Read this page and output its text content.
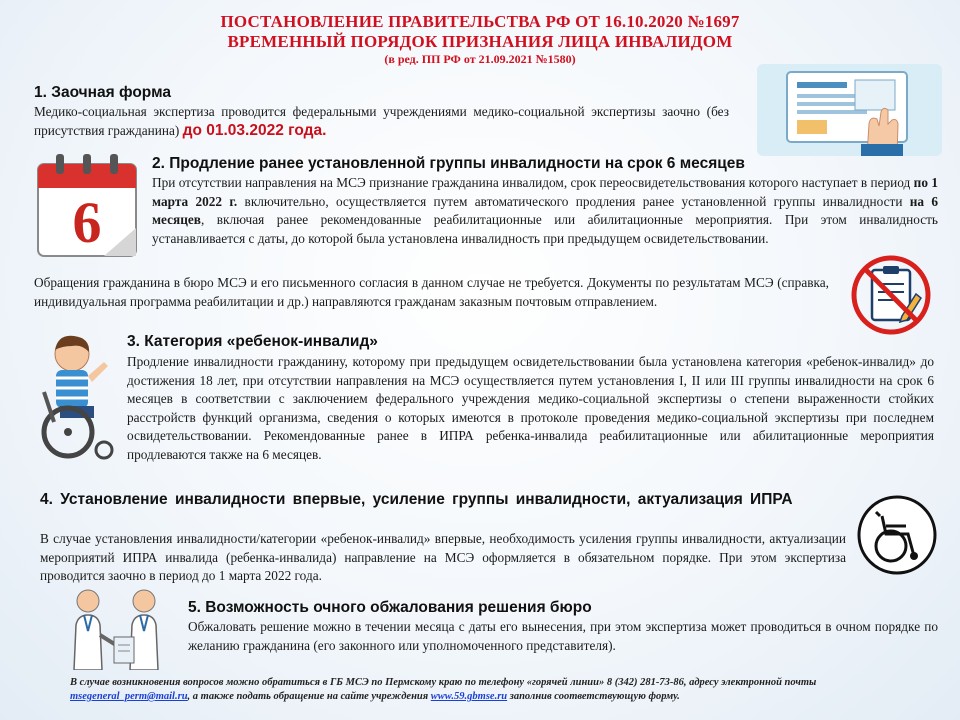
ПОСТАНОВЛЕНИЕ ПРАВИТЕЛЬСТВА РФ ОТ 16.10.2020 №1697
ВРЕМЕННЫЙ ПОРЯДОК ПРИЗНАНИЯ ЛИЦА ИНВАЛИДОМ
(в ред. ПП РФ от 21.09.2021 №1580)
1. Заочная форма
Медико-социальная экспертиза проводится федеральными учреждениями медико-социальной экспертизы заочно (без присутствия гражданина) до 01.03.2022 года.
6
2. Продление ранее установленной группы инвалидности на срок 6 месяцев
При отсутствии направления на МСЭ признание гражданина инвалидом, срок переосвидетельствования которого наступает в период по 1 марта 2022 г. включительно, осуществляется путем автоматического продления ранее установленной группы инвалидности на 6 месяцев, включая ранее рекомендованные реабилитационные или абилитационные мероприятия. При этом инвалидность устанавливается с даты, до которой была установлена инвалидность при предыдущем освидетельствовании.
Обращения гражданина в бюро МСЭ и его письменного согласия в данном случае не требуется. Документы по результатам МСЭ (справка, индивидуальная программа реабилитации и др.) направляются гражданам заказным почтовым отправлением.
3. Категория «ребенок-инвалид»
Продление инвалидности гражданину, которому при предыдущем освидетельствовании была установлена категория «ребенок-инвалид» до достижения 18 лет, при отсутствии направления на МСЭ осуществляется путем установления I, II или III группы инвалидности на срок 6 месяцев в соответствии с заключением федерального учреждения медико-социальной экспертизы о степени выраженности стойких расстройств функций организма, сведения о которых имеются в протоколе проведения медико-социальной экспертизы при последнем освидетельствовании. Рекомендованные ранее в ИПРА ребенка-инвалида реабилитационные или абилитационные мероприятия продлеваются также на 6 месяцев.
4. Установление инвалидности впервые, усиление группы инвалидности, актуализация ИПРА
В случае установления инвалидности/категории «ребенок-инвалид» впервые, необходимость усиления группы инвалидности, актуализации мероприятий ИПРА инвалида (ребенка-инвалида) направление на МСЭ оформляется в обязательном порядке. При этом экспертиза проводится заочно в период до 1 марта 2022 года.
5. Возможность очного обжалования решения бюро
Обжаловать решение можно в течении месяца с даты его вынесения, при этом экспертиза может проводиться в очном порядке по желанию гражданина (его законного или уполномоченного представителя).
В случае возникновения вопросов можно обратиться в ГБ МСЭ по Пермскому краю по телефону «горячей линии» 8 (342) 281-73-86, адресу электронной почты msegeneral_perm@mail.ru, а также подать обращение на сайте учреждения www.59.gbmse.ru заполнив соответствующую форму.
